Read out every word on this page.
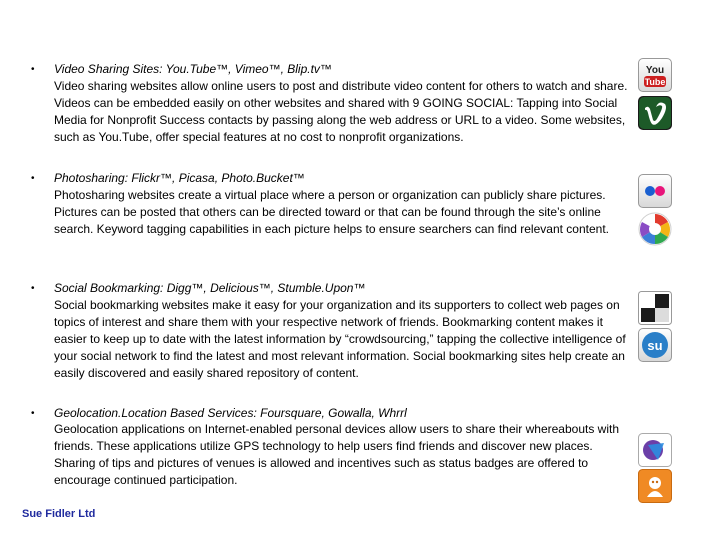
• Video Sharing Sites: You.Tube™, Vimeo™, Blip.tv™
Video sharing websites allow online users to post and distribute video content for others to watch and share. Videos can be embedded easily on other websites and shared with 9 GOING SOCIAL: Tapping into Social Media for Nonprofit Success contacts by passing along the web address or URL to a video. Some websites, such as You.Tube, offer special features at no cost to nonprofit organizations.
You
Tube
• Photosharing: Flickr™, Picasa, Photo.Bucket™
Photosharing websites create a virtual place where a person or organization can publicly share pictures. Pictures can be posted that others can be directed toward or that can be found through the site’s online search. Keyword tagging capabilities in each picture helps to ensure searchers can find relevant content.
• Social Bookmarking: Digg™, Delicious™, Stumble.Upon™
Social bookmarking websites make it easy for your organization and its supporters to collect web pages on topics of interest and share them with your respective network of friends. Bookmarking content makes it easier to keep up to date with the latest information by “crowdsourcing,” tapping the collective intelligence of your social network to find the latest and most relevant information. Social bookmarking sites help create an easily discovered and easily shared repository of content.
su
• Geolocation.Location Based Services: Foursquare, Gowalla, Whrrl
Geolocation applications on Internet-enabled personal devices allow users to share their whereabouts with friends. These applications utilize GPS technology to help users find friends and discover new places. Sharing of tips and pictures of venues is allowed and incentives such as status badges are offered to encourage continued participation.
Sue Fidler Ltd
